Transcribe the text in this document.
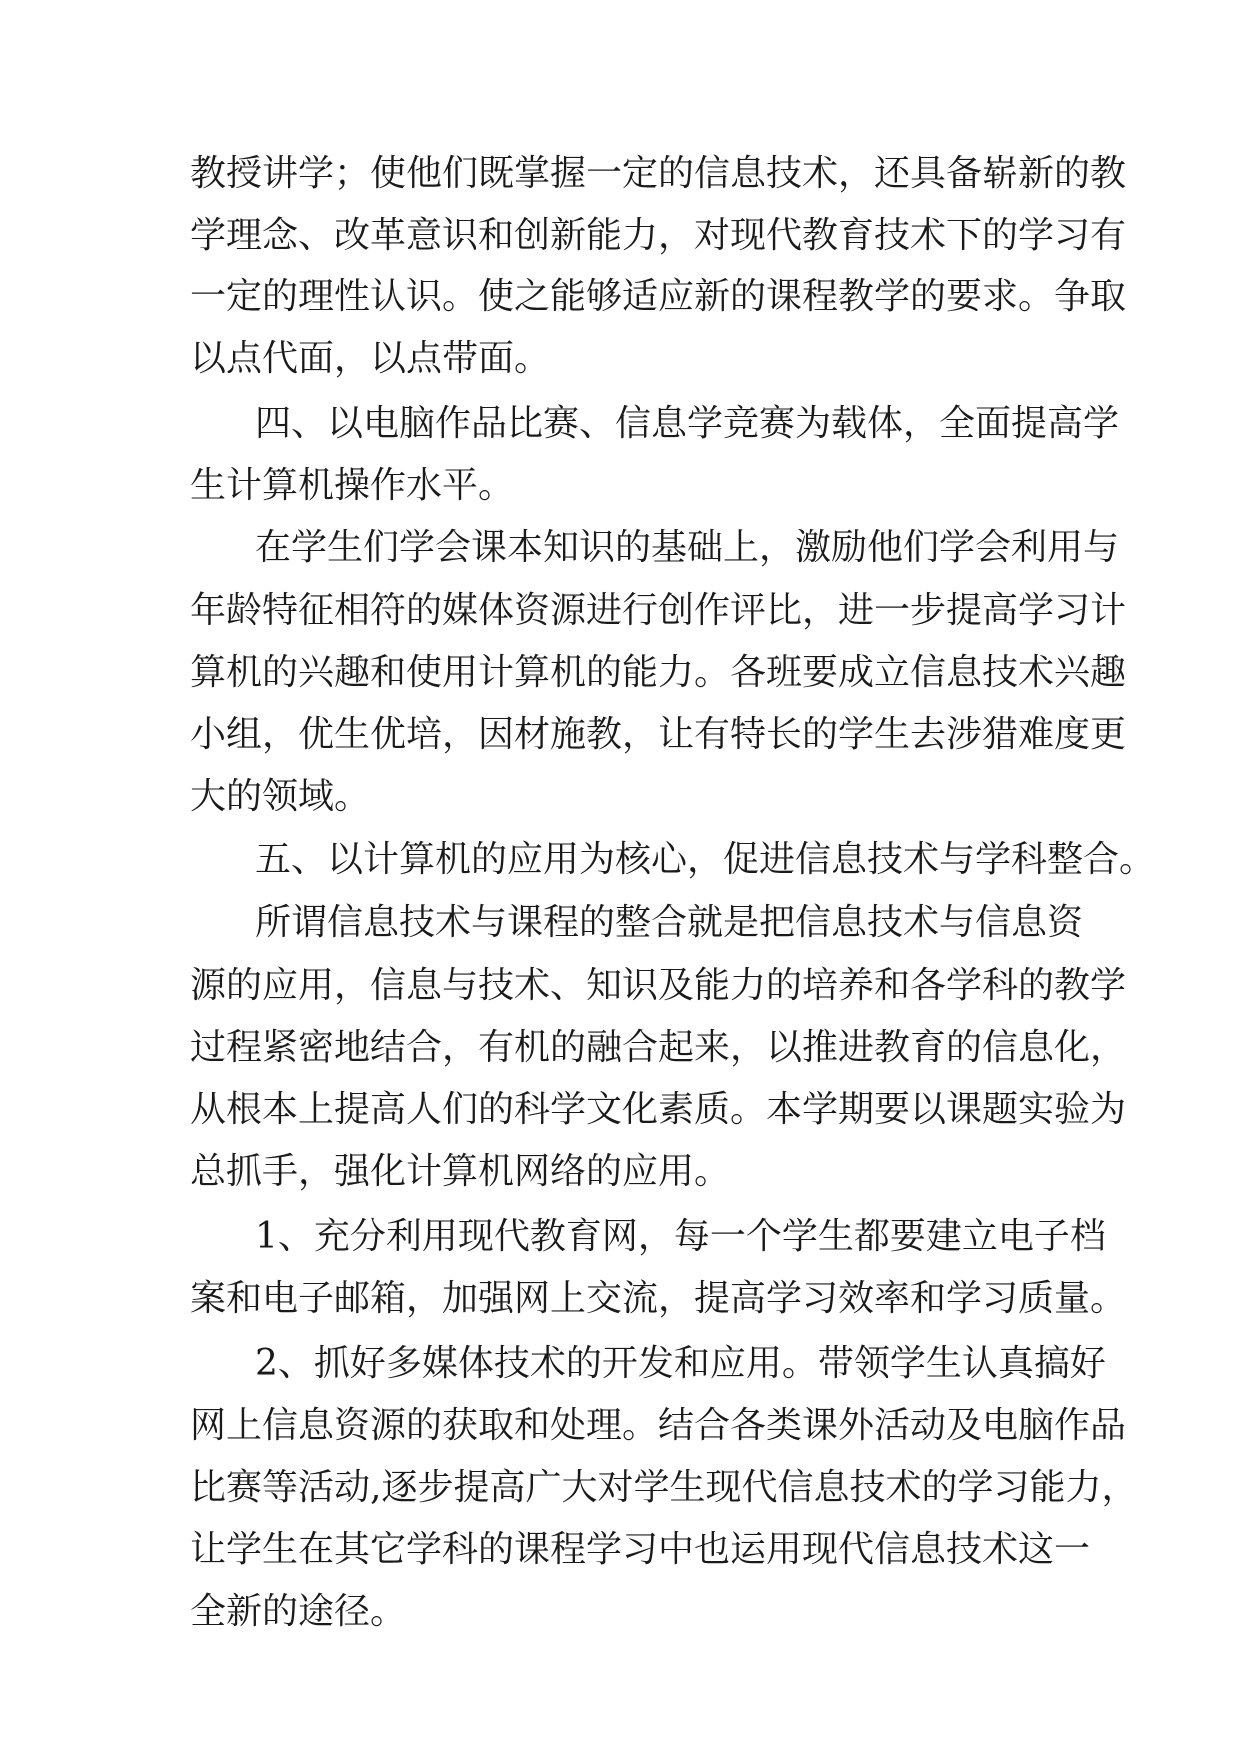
教授讲学；使他们既掌握一定的信息技术，还具备崭新的教
学理念、改革意识和创新能力，对现代教育技术下的学习有
一定的理性认识。使之能够适应新的课程教学的要求。争取
以点代面，以点带面。
四、以电脑作品比赛、信息学竞赛为载体，全面提高学
生计算机操作水平。
在学生们学会课本知识的基础上，激励他们学会利用与
年龄特征相符的媒体资源进行创作评比，进一步提高学习计
算机的兴趣和使用计算机的能力。各班要成立信息技术兴趣
小组，优生优培，因材施教，让有特长的学生去涉猎难度更
大的领域。
五、以计算机的应用为核心，促进信息技术与学科整合。
所谓信息技术与课程的整合就是把信息技术与信息资
源的应用，信息与技术、知识及能力的培养和各学科的教学
过程紧密地结合，有机的融合起来，以推进教育的信息化，
从根本上提高人们的科学文化素质。本学期要以课题实验为
总抓手，强化计算机网络的应用。
1、充分利用现代教育网，每一个学生都要建立电子档
案和电子邮箱，加强网上交流，提高学习效率和学习质量。
2、抓好多媒体技术的开发和应用。带领学生认真搞好
网上信息资源的获取和处理。结合各类课外活动及电脑作品
比赛等活动,逐步提高广大对学生现代信息技术的学习能力，
让学生在其它学科的课程学习中也运用现代信息技术这一
全新的途径。
